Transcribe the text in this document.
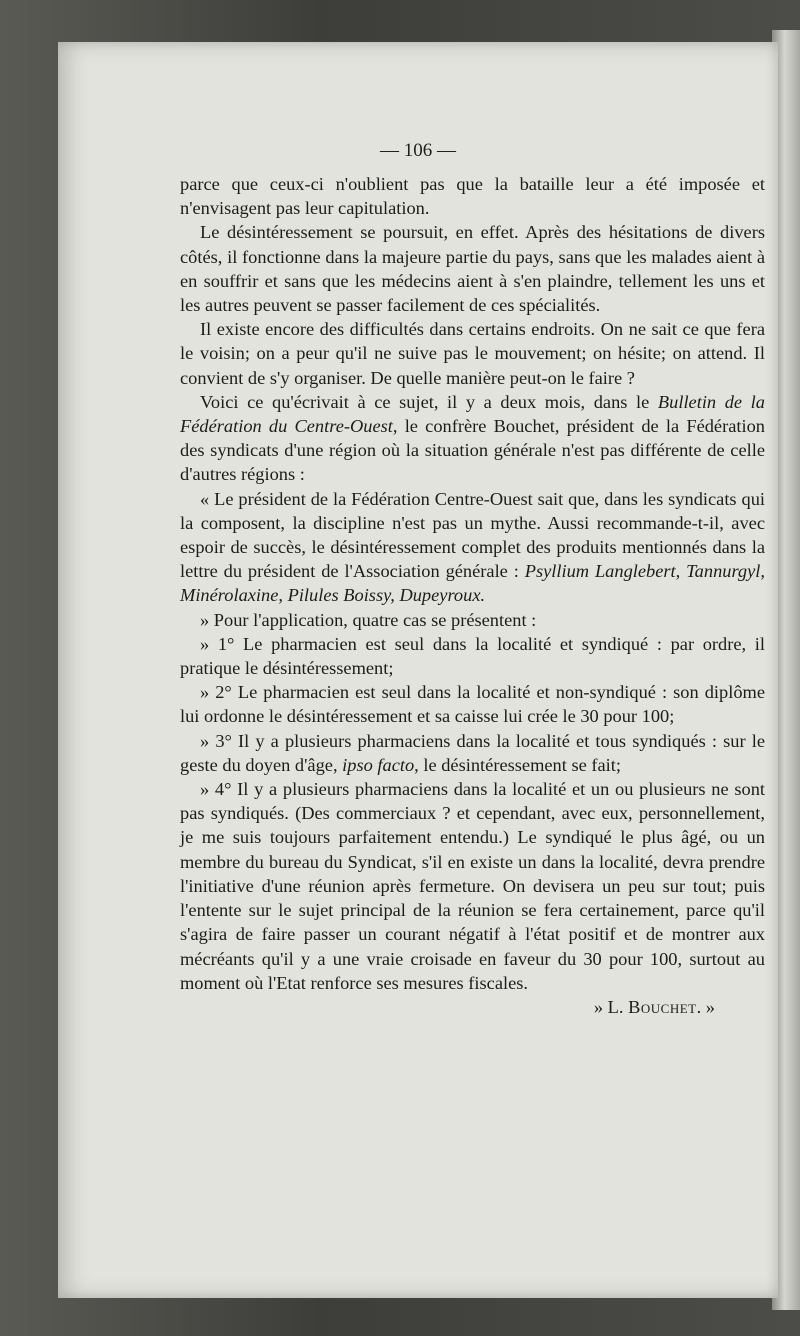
— 106 —

parce que ceux-ci n'oublient pas que la bataille leur a été imposée et n'envisagent pas leur capitulation.

Le désintéressement se poursuit, en effet. Après des hésitations de divers côtés, il fonctionne dans la majeure partie du pays, sans que les malades aient à en souffrir et sans que les médecins aient à s'en plaindre, tellement les uns et les autres peuvent se passer facilement de ces spécialités.

Il existe encore des difficultés dans certains endroits. On ne sait ce que fera le voisin; on a peur qu'il ne suive pas le mouvement; on hésite; on attend. Il convient de s'y organiser. De quelle manière peut-on le faire ?

Voici ce qu'écrivait à ce sujet, il y a deux mois, dans le Bulletin de la Fédération du Centre-Ouest, le confrère Bouchet, président de la Fédération des syndicats d'une région où la situation générale n'est pas différente de celle d'autres régions :

« Le président de la Fédération Centre-Ouest sait que, dans les syndicats qui la composent, la discipline n'est pas un mythe. Aussi recommande-t-il, avec espoir de succès, le désintéressement complet des produits mentionnés dans la lettre du président de l'Association générale : Psyllium Langlebert, Tannurgyl, Minérolaxine, Pilules Boissy, Dupeyroux.

» Pour l'application, quatre cas se présentent :

» 1° Le pharmacien est seul dans la localité et syndiqué : par ordre, il pratique le désintéressement;

» 2° Le pharmacien est seul dans la localité et non-syndiqué : son diplôme lui ordonne le désintéressement et sa caisse lui crée le 30 pour 100;

» 3° Il y a plusieurs pharmaciens dans la localité et tous syndiqués : sur le geste du doyen d'âge, ipso facto, le désintéressement se fait;

» 4° Il y a plusieurs pharmaciens dans la localité et un ou plusieurs ne sont pas syndiqués. (Des commerciaux ? et cependant, avec eux, personnellement, je me suis toujours parfaitement entendu.) Le syndiqué le plus âgé, ou un membre du bureau du Syndicat, s'il en existe un dans la localité, devra prendre l'initiative d'une réunion après fermeture. On devisera un peu sur tout; puis l'entente sur le sujet principal de la réunion se fera certainement, parce qu'il s'agira de faire passer un courant négatif à l'état positif et de montrer aux mécréants qu'il y a une vraie croisade en faveur du 30 pour 100, surtout au moment où l'Etat renforce ses mesures fiscales.

» L. Bouchet. »
